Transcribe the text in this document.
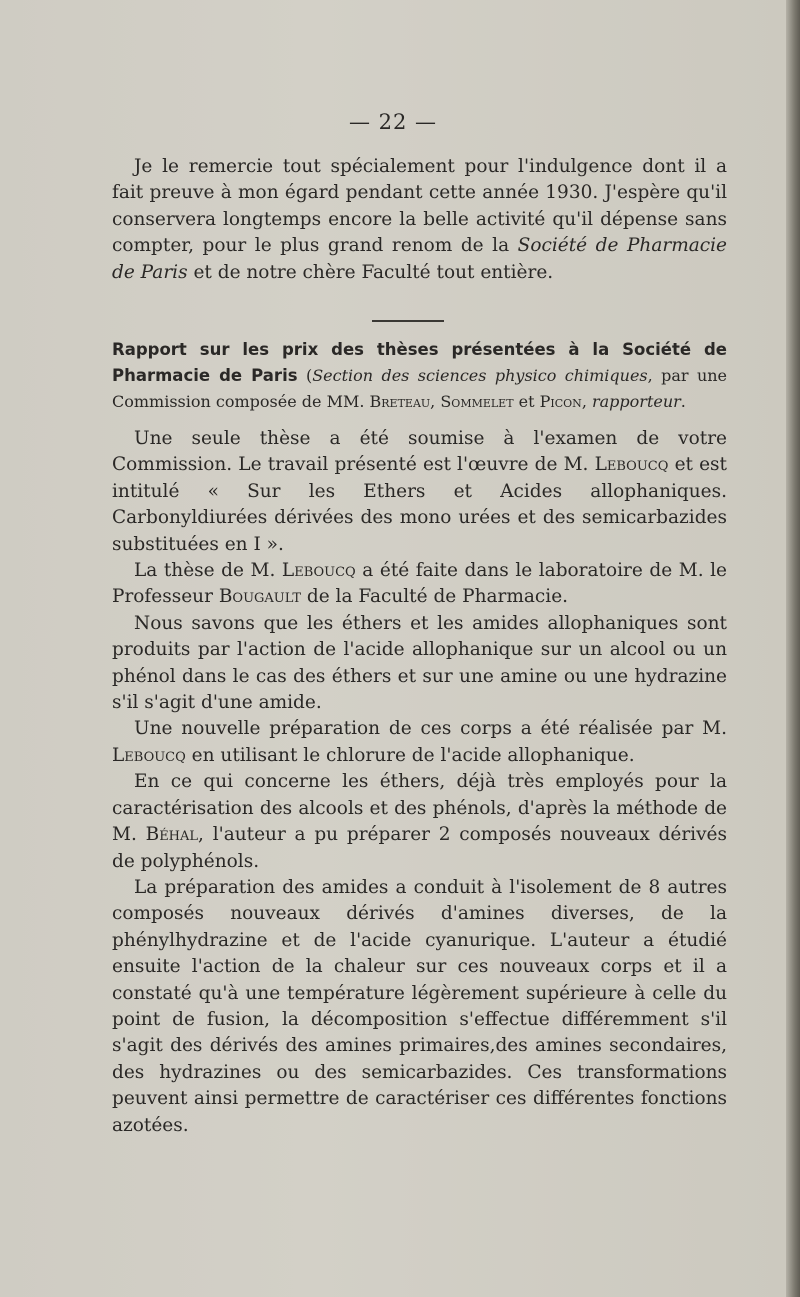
— 22 —

Je le remercie tout spécialement pour l'indulgence dont il a fait preuve à mon égard pendant cette année 1930. J'espère qu'il conservera longtemps encore la belle activité qu'il dépense sans compter, pour le plus grand renom de la Société de Pharmacie de Paris et de notre chère Faculté tout entière.

Rapport sur les prix des thèses présentées à la Société de Pharmacie de Paris (Section des sciences physico chimiques, par une Commission composée de MM. Breteau, Sommelet et Picon, rapporteur.

Une seule thèse a été soumise à l'examen de votre Commission. Le travail présenté est l'œuvre de M. Leboucq et est intitulé « Sur les Ethers et Acides allophaniques. Carbonyldiurées dérivées des mono urées et des semicarbazides substituées en I ».

La thèse de M. Leboucq a été faite dans le laboratoire de M. le Professeur Bougault de la Faculté de Pharmacie.

Nous savons que les éthers et les amides allophaniques sont produits par l'action de l'acide allophanique sur un alcool ou un phénol dans le cas des éthers et sur une amine ou une hydrazine s'il s'agit d'une amide.

Une nouvelle préparation de ces corps a été réalisée par M. Leboucq en utilisant le chlorure de l'acide allophanique.

En ce qui concerne les éthers, déjà très employés pour la caractérisation des alcools et des phénols, d'après la méthode de M. Béhal, l'auteur a pu préparer 2 composés nouveaux dérivés de polyphénols.

La préparation des amides a conduit à l'isolement de 8 autres composés nouveaux dérivés d'amines diverses, de la phénylhydrazine et de l'acide cyanurique. L'auteur a étudié ensuite l'action de la chaleur sur ces nouveaux corps et il a constaté qu'à une température légèrement supérieure à celle du point de fusion, la décomposition s'effectue différemment s'il s'agit des dérivés des amines primaires,des amines secondaires, des hydrazines ou des semicarbazides. Ces transformations peuvent ainsi permettre de caractériser ces différentes fonctions azotées.
